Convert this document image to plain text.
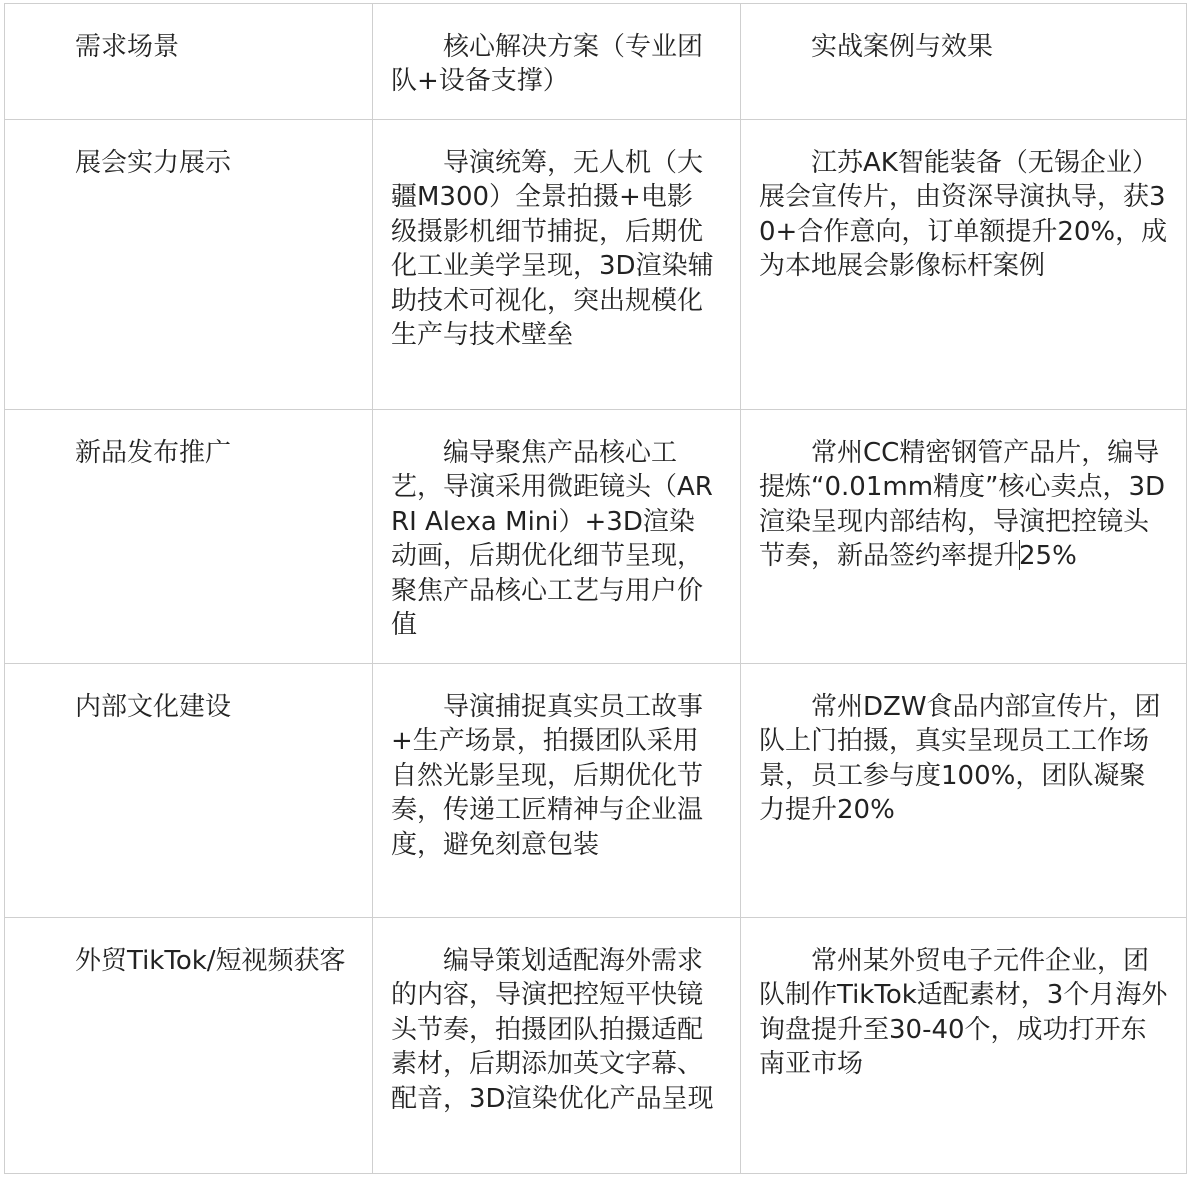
　　需求场景	　　核心解决方案（专业团队+设备支撑）	　　实战案例与效果

　　展会实力展示	　　导演统筹，无人机（大疆M300）全景拍摄+电影级摄影机细节捕捉，后期优化工业美学呈现，3D渲染辅助技术可视化，突出规模化生产与技术壁垒	　　江苏AK智能装备（无锡企业）展会宣传片，由资深导演执导，获30+合作意向，订单额提升20%，成为本地展会影像标杆案例

　　新品发布推广	　　编导聚焦产品核心工艺，导演采用微距镜头（ARRI Alexa Mini）+3D渲染动画，后期优化细节呈现，聚焦产品核心工艺与用户价值	　　常州CC精密钢管产品片，编导提炼“0.01mm精度”核心卖点，3D渲染呈现内部结构，导演把控镜头节奏，新品签约率提升25%

　　内部文化建设	　　导演捕捉真实员工故事+生产场景，拍摄团队采用自然光影呈现，后期优化节奏，传递工匠精神与企业温度，避免刻意包装	　　常州DZW食品内部宣传片，团队上门拍摄，真实呈现员工工作场景，员工参与度100%，团队凝聚力提升20%

　　外贸TikTok/短视频获客	　　编导策划适配海外需求的内容，导演把控短平快镜头节奏，拍摄团队拍摄适配素材，后期添加英文字幕、配音，3D渲染优化产品呈现	　　常州某外贸电子元件企业，团队制作TikTok适配素材，3个月海外询盘提升至30-40个，成功打开东南亚市场
